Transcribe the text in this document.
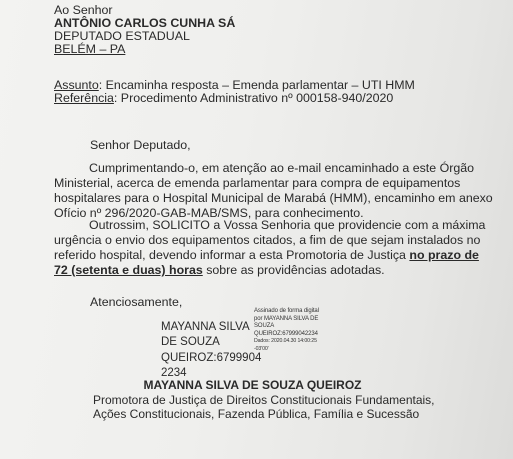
Ao Senhor
ANTÔNIO CARLOS CUNHA SÁ
DEPUTADO ESTADUAL
BELÉM – PA
Assunto: Encaminha resposta – Emenda parlamentar – UTI HMM
Referência: Procedimento Administrativo nº 000158-940/2020
Senhor Deputado,
Cumprimentando-o, em atenção ao e-mail encaminhado a este Órgão
Ministerial, acerca de emenda parlamentar para compra de equipamentos
hospitalares para o Hospital Municipal de Marabá (HMM), encaminho em anexo
Ofício nº 296/2020-GAB-MAB/SMS, para conhecimento.
Outrossim, SOLICITO a Vossa Senhoria que providencie com a máxima
urgência o envio dos equipamentos citados, a fim de que sejam instalados no
referido hospital, devendo informar a esta Promotoria de Justiça no prazo de
72 (setenta e duas) horas sobre as providências adotadas.
Atenciosamente,
MAYANNA SILVA
DE SOUZA
QUEIROZ:6799904
2234
Assinado de forma digital
por MAYANNA SILVA DE
SOUZA
QUEIROZ:67999042234
Dados: 2020.04.30 14:00:25
-03'00'
MAYANNA SILVA DE SOUZA QUEIROZ
Promotora de Justiça de Direitos Constitucionais Fundamentais,
Ações Constitucionais, Fazenda Pública, Família e Sucessão
